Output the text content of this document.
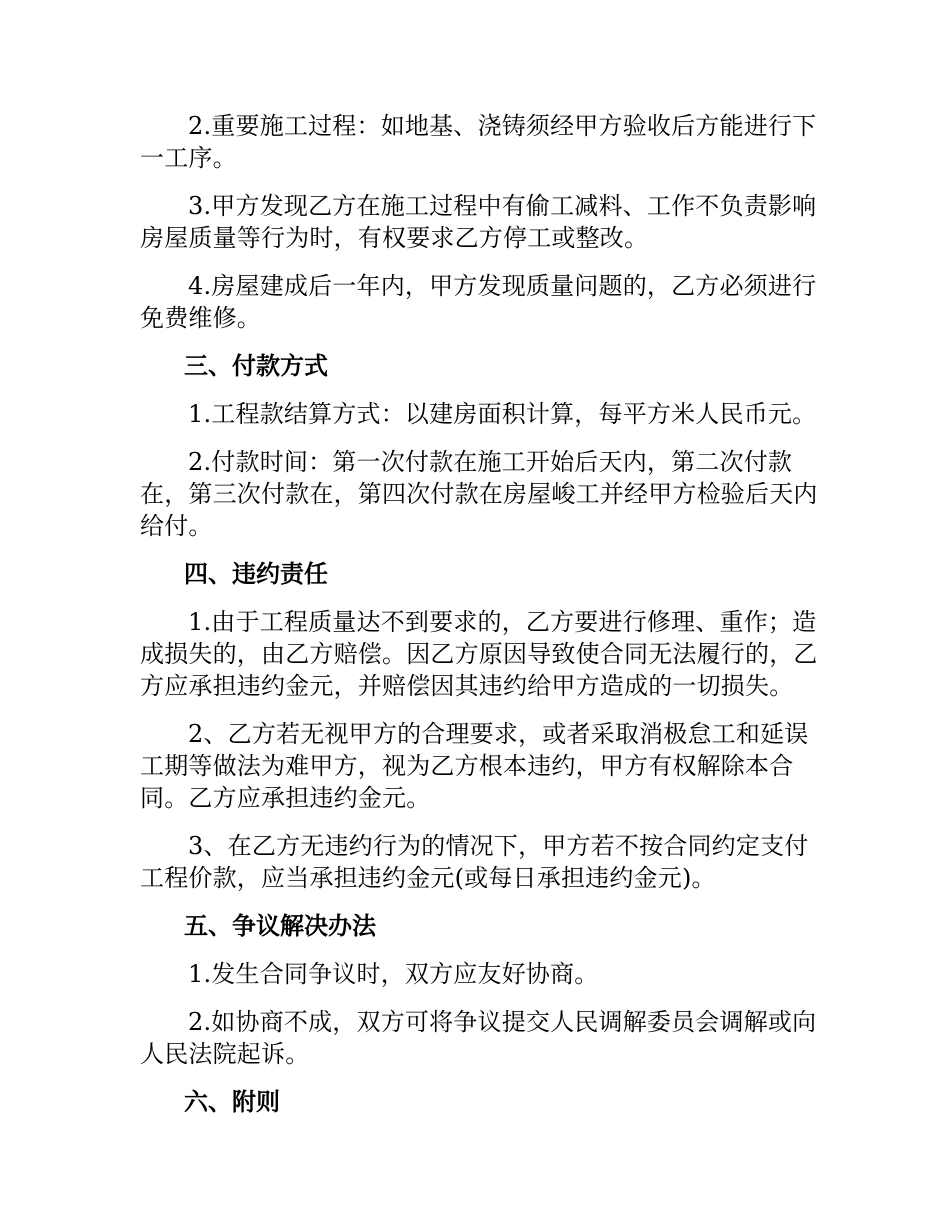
2.重要施工过程：如地基、浇铸须经甲方验收后方能进行下一工序。

3.甲方发现乙方在施工过程中有偷工减料、工作不负责影响房屋质量等行为时，有权要求乙方停工或整改。

4.房屋建成后一年内，甲方发现质量问题的，乙方必须进行免费维修。

三、付款方式

1.工程款结算方式：以建房面积计算，每平方米人民币元。

2.付款时间：第一次付款在施工开始后天内，第二次付款在，第三次付款在，第四次付款在房屋峻工并经甲方检验后天内给付。

四、违约责任

1.由于工程质量达不到要求的，乙方要进行修理、重作；造成损失的，由乙方赔偿。因乙方原因导致使合同无法履行的，乙方应承担违约金元，并赔偿因其违约给甲方造成的一切损失。

2、乙方若无视甲方的合理要求，或者采取消极怠工和延误工期等做法为难甲方，视为乙方根本违约，甲方有权解除本合同。乙方应承担违约金元。

3、在乙方无违约行为的情况下，甲方若不按合同约定支付工程价款，应当承担违约金元(或每日承担违约金元)。

五、争议解决办法

1.发生合同争议时，双方应友好协商。

2.如协商不成，双方可将争议提交人民调解委员会调解或向人民法院起诉。

六、附则
